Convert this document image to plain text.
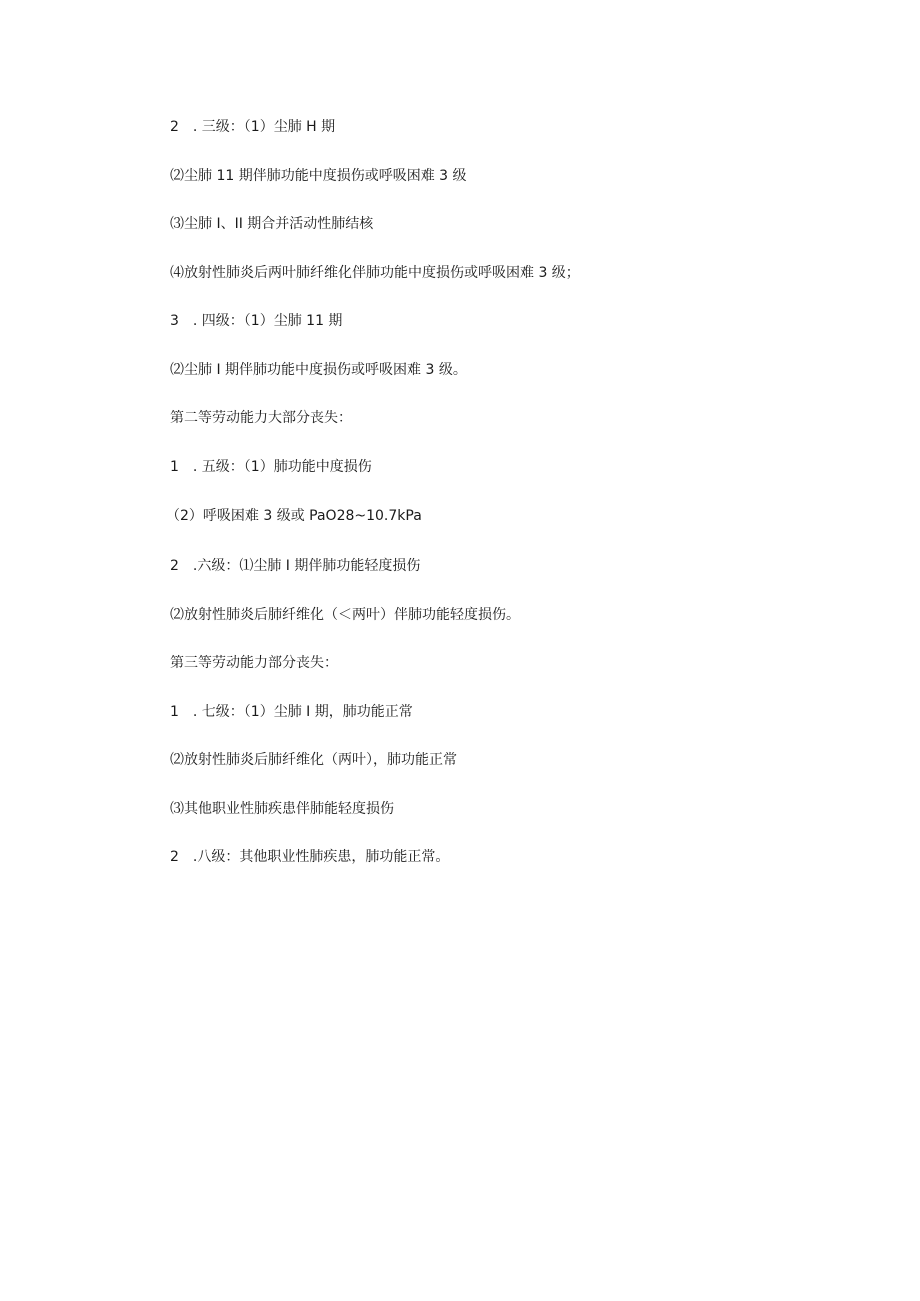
2　. 三级：（1）尘肺 H 期
⑵尘肺 11 期伴肺功能中度损伤或呼吸困难 3 级
⑶尘肺 I、II 期合并活动性肺结核
⑷放射性肺炎后两叶肺纤维化伴肺功能中度损伤或呼吸困难 3 级；
3　. 四级：（1）尘肺 11 期
⑵尘肺 I 期伴肺功能中度损伤或呼吸困难 3 级。
第二等劳动能力大部分丧失：
1　. 五级：（1）肺功能中度损伤
（2）呼吸困难 3 级或 PaO28~10.7kPa
2　.六级：⑴尘肺 I 期伴肺功能轻度损伤
⑵放射性肺炎后肺纤维化（＜两叶）伴肺功能轻度损伤。
第三等劳动能力部分丧失：
1　. 七级：（1）尘肺 I 期，肺功能正常
⑵放射性肺炎后肺纤维化（两叶），肺功能正常
⑶其他职业性肺疾患伴肺能轻度损伤
2　.八级：其他职业性肺疾患，肺功能正常。
